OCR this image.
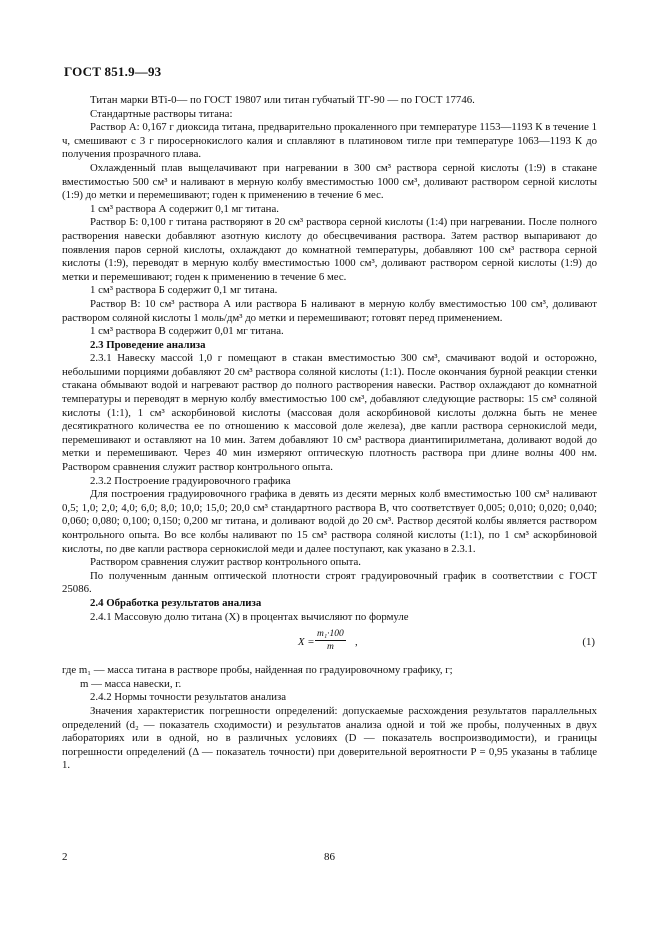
ГОСТ 851.9—93

Титан марки ВТі-0— по ГОСТ 19807 или титан губчатый ТГ-90 — по ГОСТ 17746.

Стандартные растворы титана:

Раствор А: 0,167 г диоксида титана, предварительно прокаленного при температуре 1153—1193 К в течение 1 ч, смешивают с 3 г пиросернокислого калия и сплавляют в платиновом тигле при температуре 1063—1193 К до получения прозрачного плава.

Охлажденный плав выщелачивают при нагревании в 300 см³ раствора серной кислоты (1:9) в стакане вместимостью 500 см³ и наливают в мерную колбу вместимостью 1000 см³, доливают раствором серной кислоты (1:9) до метки и перемешивают; годен к применению в течение 6 мес.

1 см³ раствора А содержит 0,1 мг титана.

Раствор Б: 0,100 г титана растворяют в 20 см³ раствора серной кислоты (1:4) при нагревании. После полного растворения навески добавляют азотную кислоту до обесцвечивания раствора. Затем раствор выпаривают до появления паров серной кислоты, охлаждают до комнатной температуры, добавляют 100 см³ раствора серной кислоты (1:9), переводят в мерную колбу вместимостью 1000 см³, доливают раствором серной кислоты (1:9) до метки и перемешивают; годен к применению в течение 6 мес.

1 см³ раствора Б содержит 0,1 мг титана.

Раствор В: 10 см³ раствора А или раствора Б наливают в мерную колбу вместимостью 100 см³, доливают раствором соляной кислоты 1 моль/дм³ до метки и перемешивают; готовят перед применением.

1 см³ раствора В содержит 0,01 мг титана.

2.3 Проведение анализа

2.3.1 Навеску массой 1,0 г помещают в стакан вместимостью 300 см³, смачивают водой и осторожно, небольшими порциями добавляют 20 см³ раствора соляной кислоты (1:1). После окончания бурной реакции стенки стакана обмывают водой и нагревают раствор до полного растворения навески. Раствор охлаждают до комнатной температуры и переводят в мерную колбу вместимостью 100 см³, добавляют следующие растворы: 15 см³ соляной кислоты (1:1), 1 см³ аскорбиновой кислоты (массовая доля аскорбиновой кислоты должна быть не менее десятикратного количества ее по отношению к массовой доле железа), две капли раствора сернокислой меди, перемешивают и оставляют на 10 мин. Затем добавляют 10 см³ раствора диантипирилметана, доливают водой до метки и перемешивают. Через 40 мин измеряют оптическую плотность раствора при длине волны 400 нм. Раствором сравнения служит раствор контрольного опыта.

2.3.2 Построение градуировочного графика

Для построения градуировочного графика в девять из десяти мерных колб вместимостью 100 см³ наливают 0,5; 1,0; 2,0; 4,0; 6,0; 8,0; 10,0; 15,0; 20,0 см³ стандартного раствора В, что соответствует 0,005; 0,010; 0,020; 0,040; 0,060; 0,080; 0,100; 0,150; 0,200 мг титана, и доливают водой до 20 см³. Раствор десятой колбы является раствором контрольного опыта. Во все колбы наливают по 15 см³ раствора соляной кислоты (1:1), по 1 см³ аскорбиновой кислоты, по две капли раствора сернокислой меди и далее поступают, как указано в 2.3.1.

Раствором сравнения служит раствор контрольного опыта.

По полученным данным оптической плотности строят градуировочный график в соответствии с ГОСТ 25086.

2.4 Обработка результатов анализа

2.4.1 Массовую долю титана (X) в процентах вычисляют по формуле

$X = \frac{\text{m₁·100}}{m}$ ,	(1)

где m₁ — масса титана в растворе пробы, найденная по градуировочному графику, г;

m — масса навески, г.

2.4.2 Нормы точности результатов анализа

Значения характеристик погрешности определений: допускаемые расхождения результатов параллельных определений (d₂ — показатель сходимости) и результатов анализа одной и той же пробы, полученных в двух лабораториях или в одной, но в различных условиях (D — показатель воспроизводимости), и границы погрешности определений (Δ — показатель точности) при доверительной вероятности P = 0,95 указаны в таблице 1.

2	86
